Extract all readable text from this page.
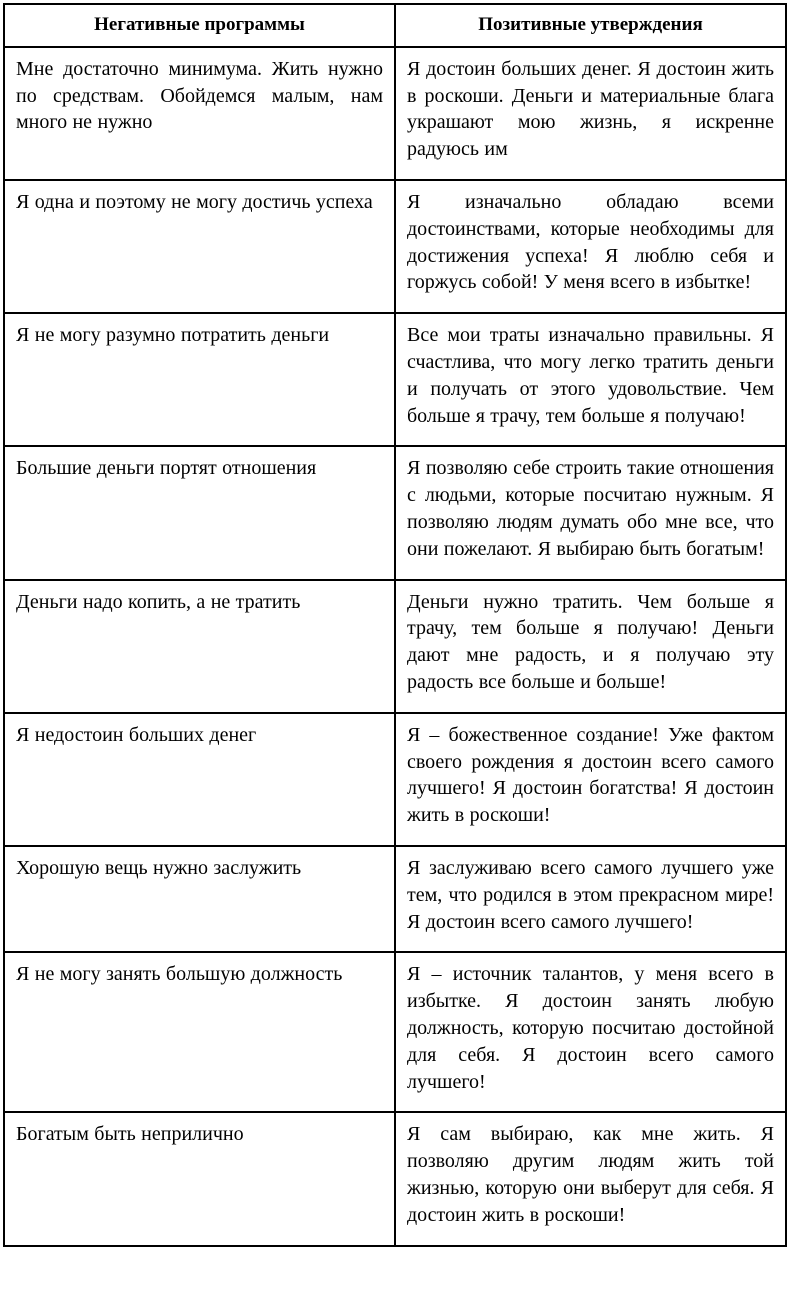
Негативные программы	Позитивные утверждения
Мне достаточно минимума. Жить нужно по средствам. Обойдемся малым, нам много не нужно	Я достоин больших денег. Я достоин жить в роскоши. Деньги и материальные блага украшают мою жизнь, я искренне радуюсь им
Я одна и поэтому не могу достичь успеха	Я изначально обладаю всеми достоинствами, которые необходимы для достижения успеха! Я люблю себя и горжусь собой! У меня всего в избытке!
Я не могу разумно потратить деньги	Все мои траты изначально правильны. Я счастлива, что могу легко тратить деньги и получать от этого удовольствие. Чем больше я трачу, тем больше я получаю!
Большие деньги портят отношения	Я позволяю себе строить такие отношения с людьми, которые посчитаю нужным. Я позволяю людям думать обо мне все, что они пожелают. Я выбираю быть богатым!
Деньги надо копить, а не тратить	Деньги нужно тратить. Чем больше я трачу, тем больше я получаю! Деньги дают мне радость, и я получаю эту радость все больше и больше!
Я недостоин больших денег	Я – божественное создание! Уже фактом своего рождения я достоин всего самого лучшего! Я достоин богатства! Я достоин жить в роскоши!
Хорошую вещь нужно заслужить	Я заслуживаю всего самого лучшего уже тем, что родился в этом прекрасном мире! Я достоин всего самого лучшего!
Я не могу занять большую должность	Я – источник талантов, у меня всего в избытке. Я достоин занять любую должность, которую посчитаю достойной для себя. Я достоин всего самого лучшего!
Богатым быть неприлично	Я сам выбираю, как мне жить. Я позволяю другим людям жить той жизнью, которую они выберут для себя. Я достоин жить в роскоши!
